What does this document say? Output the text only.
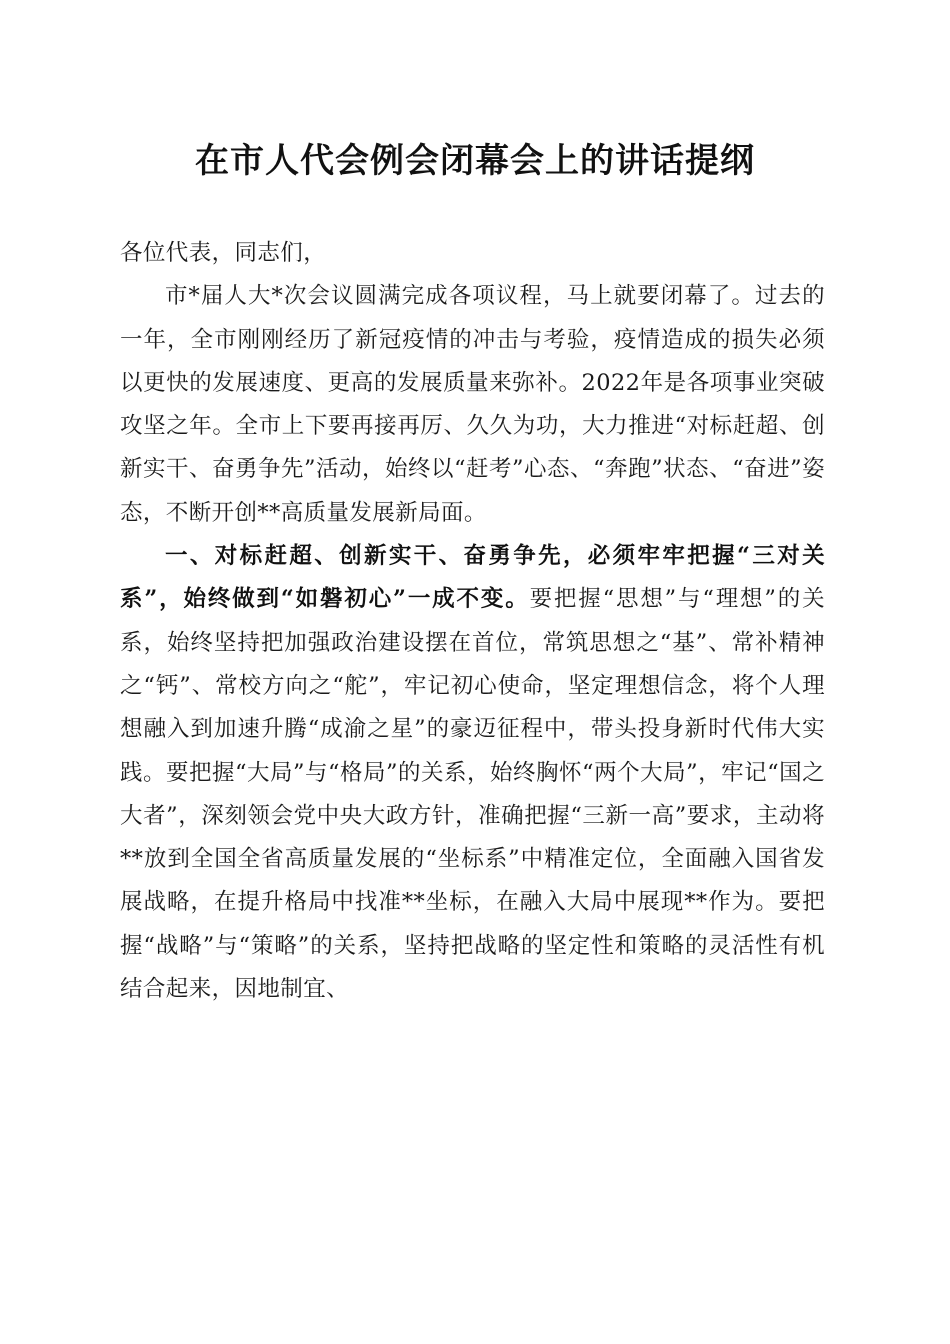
在市人代会例会闭幕会上的讲话提纲

各位代表，同志们，

市*届人大*次会议圆满完成各项议程，马上就要闭幕了。过去的一年，全市刚刚经历了新冠疫情的冲击与考验，疫情造成的损失必须以更快的发展速度、更高的发展质量来弥补。2022年是各项事业突破攻坚之年。全市上下要再接再厉、久久为功，大力推进“对标赶超、创新实干、奋勇争先”活动，始终以“赶考”心态、“奔跑”状态、“奋进”姿态，不断开创**高质量发展新局面。

一、对标赶超、创新实干、奋勇争先，必须牢牢把握“三对关系”，始终做到“如磐初心”一成不变。要把握“思想”与“理想”的关系，始终坚持把加强政治建设摆在首位，常筑思想之“基”、常补精神之“钙”、常校方向之“舵”，牢记初心使命，坚定理想信念，将个人理想融入到加速升腾“成渝之星”的豪迈征程中，带头投身新时代伟大实践。要把握“大局”与“格局”的关系，始终胸怀“两个大局”，牢记“国之大者”，深刻领会党中央大政方针，准确把握“三新一高”要求，主动将**放到全国全省高质量发展的“坐标系”中精准定位，全面融入国省发展战略，在提升格局中找准**坐标，在融入大局中展现**作为。要把握“战略”与“策略”的关系，坚持把战略的坚定性和策略的灵活性有机结合起来，因地制宜、
